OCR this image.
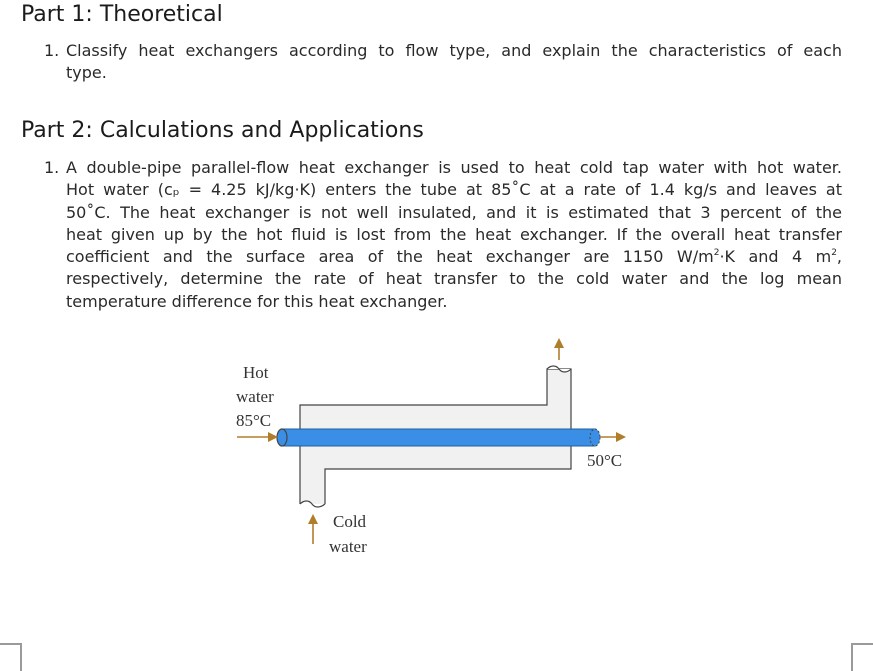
Part 1: Theoretical
1. Classify heat exchangers according to flow type, and explain the characteristics of each
type.
Part 2: Calculations and Applications
1. A double-pipe parallel-flow heat exchanger is used to heat cold tap water with hot water.
Hot water (cₚ = 4.25 kJ/kg·K) enters the tube at 85˚C at a rate of 1.4 kg/s and leaves at
50˚C. The heat exchanger is not well insulated, and it is estimated that 3 percent of the
heat given up by the hot fluid is lost from the heat exchanger. If the overall heat transfer
coefficient and the surface area of the heat exchanger are 1150 $W/m^2\cdot K$ and 4 $m^2$,
respectively, determine the rate of heat transfer to the cold water and the log mean
temperature difference for this heat exchanger.
Hot
water
85°C
50°C
Cold
water
